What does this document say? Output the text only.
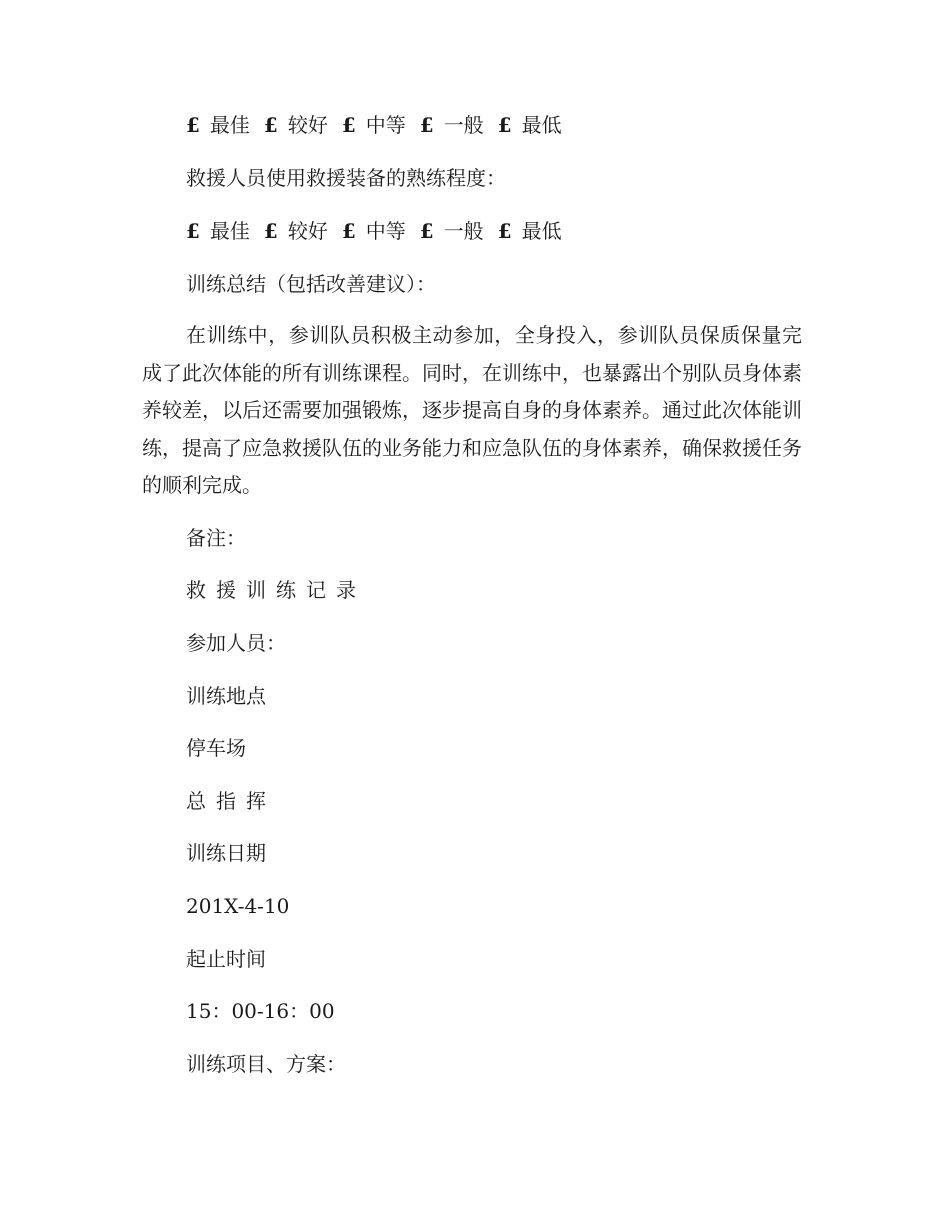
£ 最佳 £ 较好 £ 中等 £ 一般 £ 最低
救援人员使用救援装备的熟练程度：
£ 最佳 £ 较好 £ 中等 £ 一般 £ 最低
训练总结（包括改善建议）：
在训练中，参训队员积极主动参加，全身投入，参训队员保质保量完成了此次体能的所有训练课程。同时，在训练中，也暴露出个别队员身体素养较差，以后还需要加强锻炼，逐步提高自身的身体素养。通过此次体能训练，提高了应急救援队伍的业务能力和应急队伍的身体素养，确保救援任务的顺利完成。
备注：
救援训练记录
参加人员：
训练地点
停车场
总指挥
训练日期
201X-4-10
起止时间
15：00-16：00
训练项目、方案：
